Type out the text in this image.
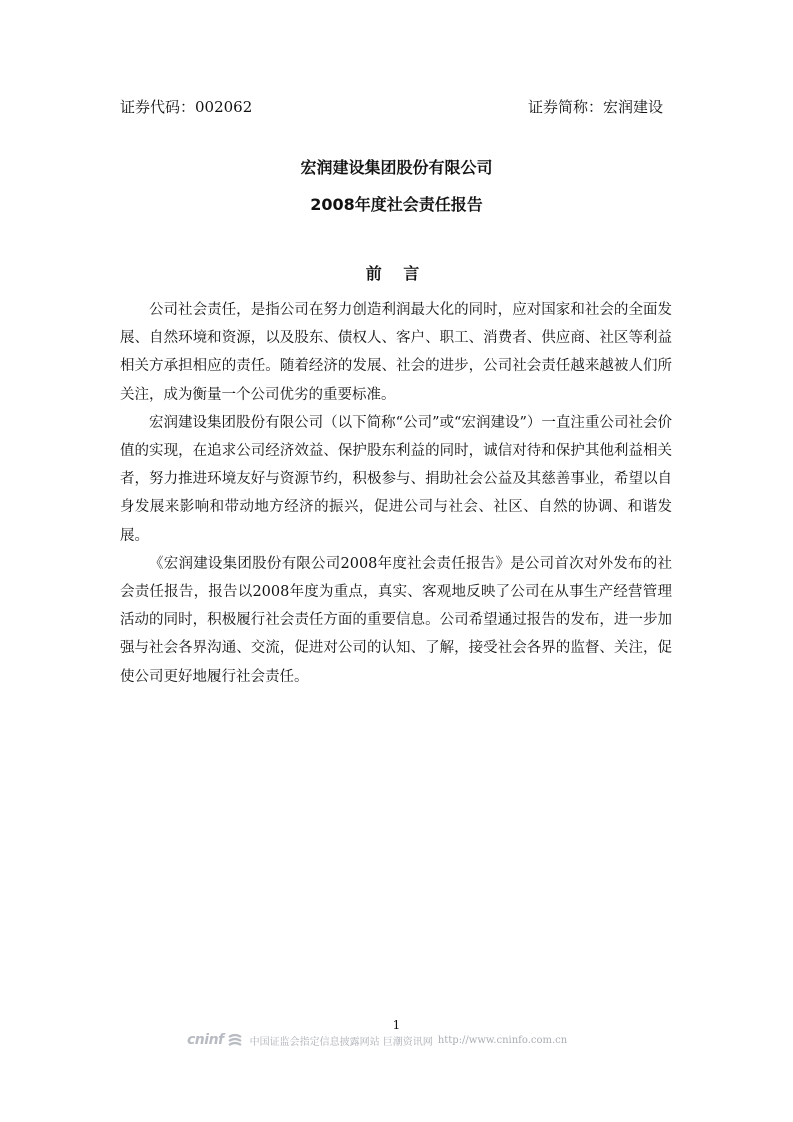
证券代码：002062	证券简称：宏润建设
宏润建设集团股份有限公司
2008年度社会责任报告
前 言

公司社会责任，是指公司在努力创造利润最大化的同时，应对国家和社会的全面发展、自然环境和资源，以及股东、债权人、客户、职工、消费者、供应商、社区等利益相关方承担相应的责任。随着经济的发展、社会的进步，公司社会责任越来越被人们所关注，成为衡量一个公司优劣的重要标准。

宏润建设集团股份有限公司（以下简称“公司”或“宏润建设”）一直注重公司社会价值的实现，在追求公司经济效益、保护股东利益的同时，诚信对待和保护其他利益相关者，努力推进环境友好与资源节约，积极参与、捐助社会公益及其慈善事业，希望以自身发展来影响和带动地方经济的振兴，促进公司与社会、社区、自然的协调、和谐发展。

《宏润建设集团股份有限公司2008年度社会责任报告》是公司首次对外发布的社会责任报告，报告以2008年度为重点，真实、客观地反映了公司在从事生产经营管理活动的同时，积极履行社会责任方面的重要信息。公司希望通过报告的发布，进一步加强与社会各界沟通、交流，促进对公司的认知、了解，接受社会各界的监督、关注，促使公司更好地履行社会责任。

1
cninf	中国证监会指定信息披露网站 巨潮资讯网 http://www.cninfo.com.cn
